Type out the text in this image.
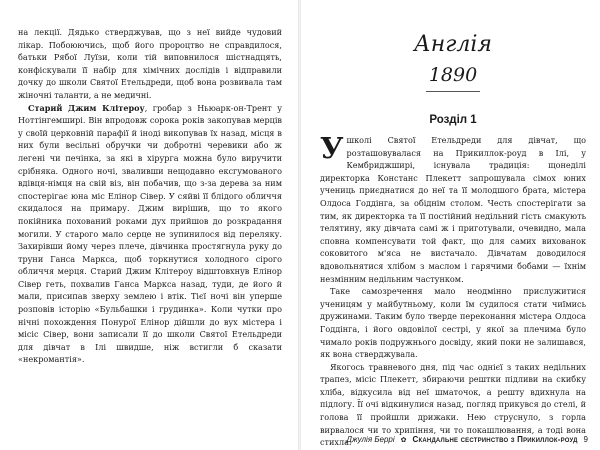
на лекції. Дядько стверджував, що з неї вийде чудовий лікар. Побоюючись, щоб його пророцтво не справдилося, батьки Рябої Луїзи, коли тій виповнилося шістнадцять, конфіскували її набір для хімічних дослідів і відправили дочку до школи Святої Етельдреди, щоб вона розвивала там жіночні таланти, а не медичні.

Старий Джим Клітероу, гробар з Ньюарк-он-Трент у Ноттінгемширі. Він впродовж сорока років закопував мерців у своїй церковній парафії й іноді викопував їх назад, місця в них були весільні обручки чи добротні черевики або ж легені чи печінка, за які в хірурга можна було виручити срібняка. Одного ночі, зваливши нещодавно ексгумованого вдівця-німця на свій віз, він побачив, що з-за дерева за ним спостерігає юна міс Елінор Сівер. У сяйві її блідого обличчя скидалося на примару. Джим вирішив, що то якого покійника похований роками дух прийшов до розкрадання могили. У старого мало серце не зупинилося від переляку. Захирівши йому через плече, дівчинка простягнула руку до труни Ганса Маркса, щоб торкнутися холодного сірого обличчя мерця. Старий Джим Клітероу відштовхнув Елінор Сівер геть, похвалив Ганса Маркса назад, туди, де його й мали, присипав зверху землею і втік. Тієї ночі він уперше розповів історію «Бульбашки і грудинка». Коли чутки про нічні похождення Понурої Елінор дійшли до вух містера і місіс Сівер, вони записали її до школи Святої Етельдреди для дівчат в Ілі швидше, ніж встигли б сказати «некромантія».

Англія
1890
Розділ 1

Ушколі Святої Етельдреди для дівчат, що розташовувалася на Прикиллок-роуд в Ілі, у Кембриджширі, існувала традиція: щонеділі директорка Констанс Плекетт запрошувала сімох юних учениць приєднатися до неї та її молодшого брата, містера Олдоса Годдінга, за обіднім столом. Честь спостерігати за тим, як директорка та її постійний недільний гість смакують телятину, яку дівчата самі ж і приготували, очевидно, мала сповна компенсувати той факт, що для самих вихованок соковитого м'яса не вистачало. Дівчатам доводилося вдовольнятися хлібом з маслом і гарячими бобами — їхнім незмінним недільним частунком.

Таке самозречення мало неодмінно прислужитися ученицям у майбутньому, коли їм судилося стати чиїмись дружинами. Таким було тверде переконання містера Олдоса Годдінга, і його овдовілої сестрі, у якої за плечима було чимало років подружнього досвіду, який поки не залишався, як вона стверджувала.

Якогось травневого дня, під час однієї з таких недільних трапез, місіс Плекетт, збираючи рештки підливи на скибку хліба, відкусила від неї шматочок, а решту вдихнула на підлогу. Її очі відкинулися назад, погляд прикувся до стелі, й голова її пройшли дрижаки. Нею струснуло, з горла вирвалося чи то хрипіння, чи то покашлювання, а тоді вона стихла.

Джулія Беррі ✿ Скандальне сестринство з Прикиллок-роуд 9
